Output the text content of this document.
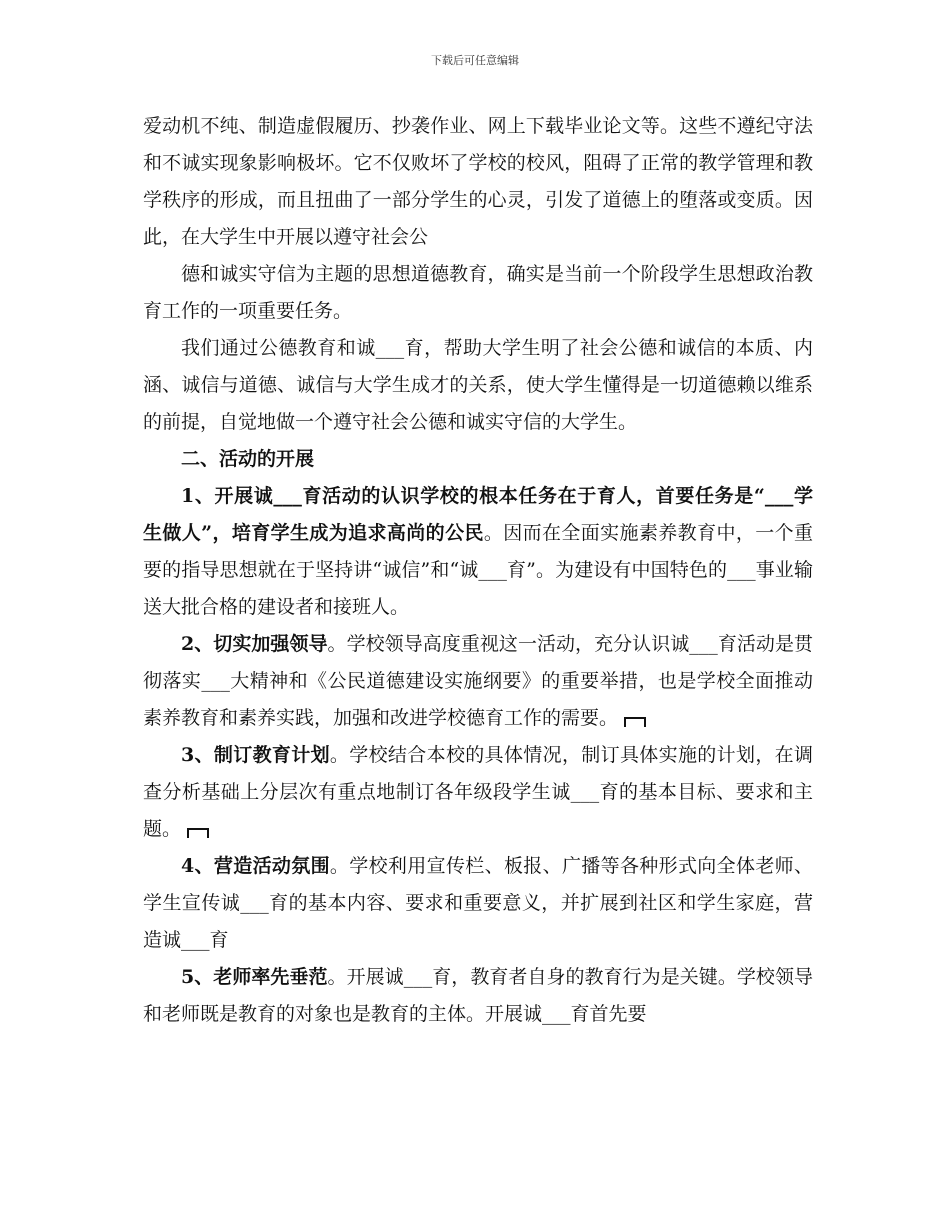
下载后可任意编辑

爱动机不纯、制造虚假履历、抄袭作业、网上下载毕业论文等。这些不遵纪守法和不诚实现象影响极坏。它不仅败坏了学校的校风，阻碍了正常的教学管理和教学秩序的形成，而且扭曲了一部分学生的心灵，引发了道德上的堕落或变质。因此，在大学生中开展以遵守社会公

德和诚实守信为主题的思想道德教育，确实是当前一个阶段学生思想政治教育工作的一项重要任务。

我们通过公德教育和诚___育，帮助大学生明了社会公德和诚信的本质、内涵、诚信与道德、诚信与大学生成才的关系，使大学生懂得是一切道德赖以维系的前提，自觉地做一个遵守社会公德和诚实守信的大学生。

二、活动的开展

1、开展诚___育活动的认识学校的根本任务在于育人，首要任务是“___学生做人”，培育学生成为追求高尚的公民。因而在全面实施素养教育中，一个重要的指导思想就在于坚持讲“诚信”和“诚___育”。为建设有中国特色的___事业输送大批合格的建设者和接班人。

2、切实加强领导。学校领导高度重视这一活动，充分认识诚___育活动是贯彻落实___大精神和《公民道德建设实施纲要》的重要举措，也是学校全面推动素养教育和素养实践，加强和改进学校德育工作的需要。

3、制订教育计划。学校结合本校的具体情况，制订具体实施的计划，在调查分析基础上分层次有重点地制订各年级段学生诚___育的基本目标、要求和主题。

4、营造活动氛围。学校利用宣传栏、板报、广播等各种形式向全体老师、学生宣传诚___育的基本内容、要求和重要意义，并扩展到社区和学生家庭，营造诚___育

5、老师率先垂范。开展诚___育，教育者自身的教育行为是关键。学校领导和老师既是教育的对象也是教育的主体。开展诚___育首先要
